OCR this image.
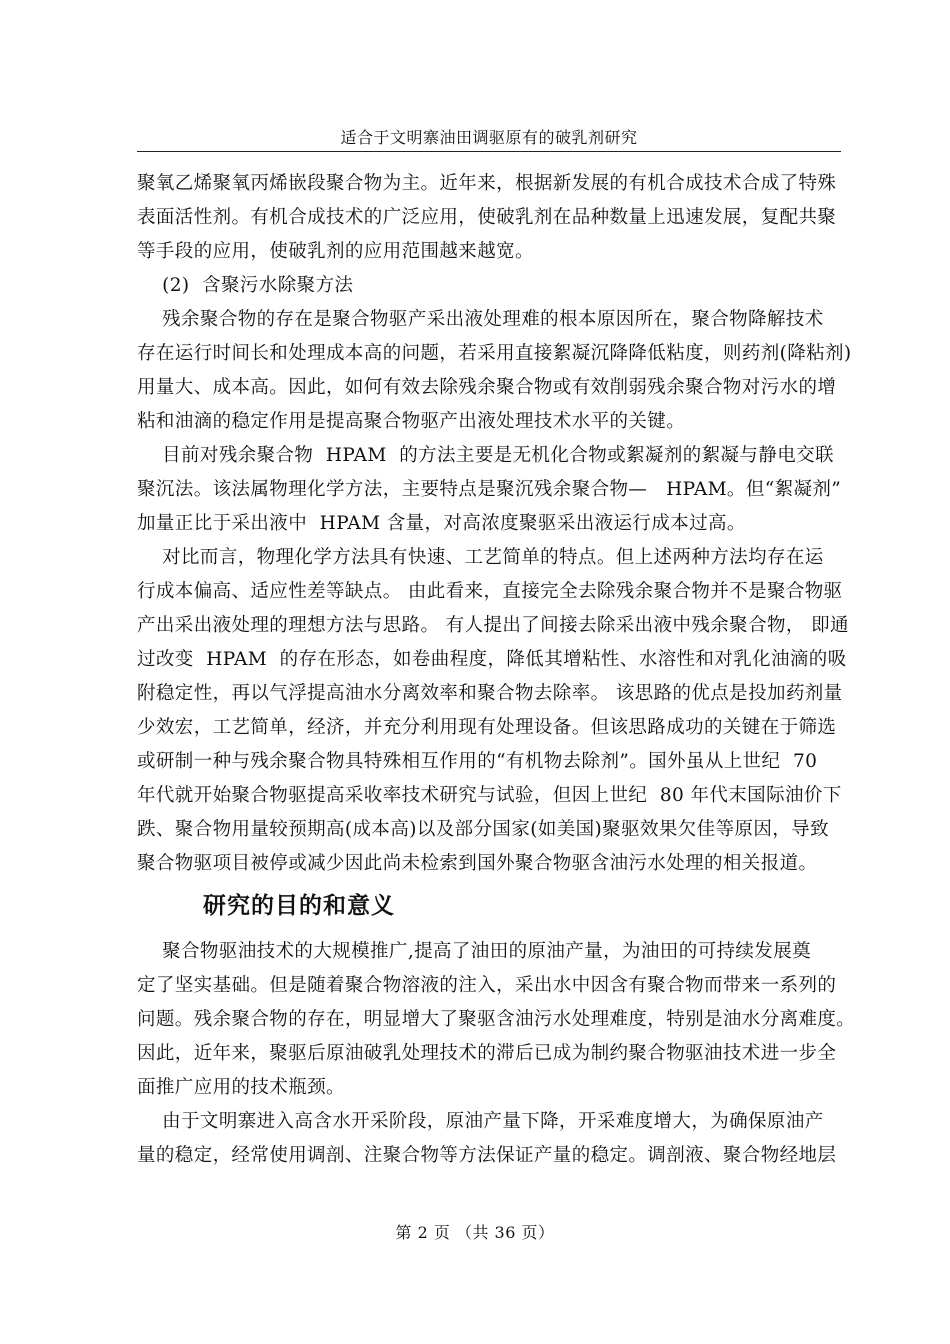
适合于文明寨油田调驱原有的破乳剂研究
聚氧乙烯聚氧丙烯嵌段聚合物为主。近年来，根据新发展的有机合成技术合成了特殊
表面活性剂。有机合成技术的广泛应用，使破乳剂在品种数量上迅速发展，复配共聚
等手段的应用，使破乳剂的应用范围越来越宽。
(2)  含聚污水除聚方法
残余聚合物的存在是聚合物驱产采出液处理难的根本原因所在，聚合物降解技术
存在运行时间长和处理成本高的问题，若采用直接絮凝沉降降低粘度，则药剂(降粘剂)
用量大、成本高。因此，如何有效去除残余聚合物或有效削弱残余聚合物对污水的增
粘和油滴的稳定作用是提高聚合物驱产出液处理技术水平的关键。
目前对残余聚合物  HPAM  的方法主要是无机化合物或絮凝剂的絮凝与静电交联
聚沉法。该法属物理化学方法，主要特点是聚沉残余聚合物—   HPAM。但“絮凝剂”
加量正比于采出液中  HPAM 含量，对高浓度聚驱采出液运行成本过高。
对比而言，物理化学方法具有快速、工艺简单的特点。但上述两种方法均存在运
行成本偏高、适应性差等缺点。 由此看来，直接完全去除残余聚合物并不是聚合物驱
产出采出液处理的理想方法与思路。 有人提出了间接去除采出液中残余聚合物， 即通
过改变  HPAM  的存在形态，如卷曲程度，降低其增粘性、水溶性和对乳化油滴的吸
附稳定性，再以气浮提高油水分离效率和聚合物去除率。 该思路的优点是投加药剂量
少效宏，工艺简单，经济，并充分利用现有处理设备。但该思路成功的关键在于筛选
或研制一种与残余聚合物具特殊相互作用的“有机物去除剂”。国外虽从上世纪  70
年代就开始聚合物驱提高采收率技术研究与试验，但因上世纪  80 年代末国际油价下
跌、聚合物用量较预期高(成本高)以及部分国家(如美国)聚驱效果欠佳等原因，导致
聚合物驱项目被停或减少因此尚未检索到国外聚合物驱含油污水处理的相关报道。
研究的目的和意义
聚合物驱油技术的大规模推广,提高了油田的原油产量，为油田的可持续发展奠
定了坚实基础。但是随着聚合物溶液的注入，采出水中因含有聚合物而带来一系列的
问题。残余聚合物的存在，明显增大了聚驱含油污水处理难度，特别是油水分离难度。
因此，近年来，聚驱后原油破乳处理技术的滞后已成为制约聚合物驱油技术进一步全
面推广应用的技术瓶颈。
由于文明寨进入高含水开采阶段，原油产量下降，开采难度增大，为确保原油产
量的稳定，经常使用调剖、注聚合物等方法保证产量的稳定。调剖液、聚合物经地层
第 2 页 （共 36 页）
